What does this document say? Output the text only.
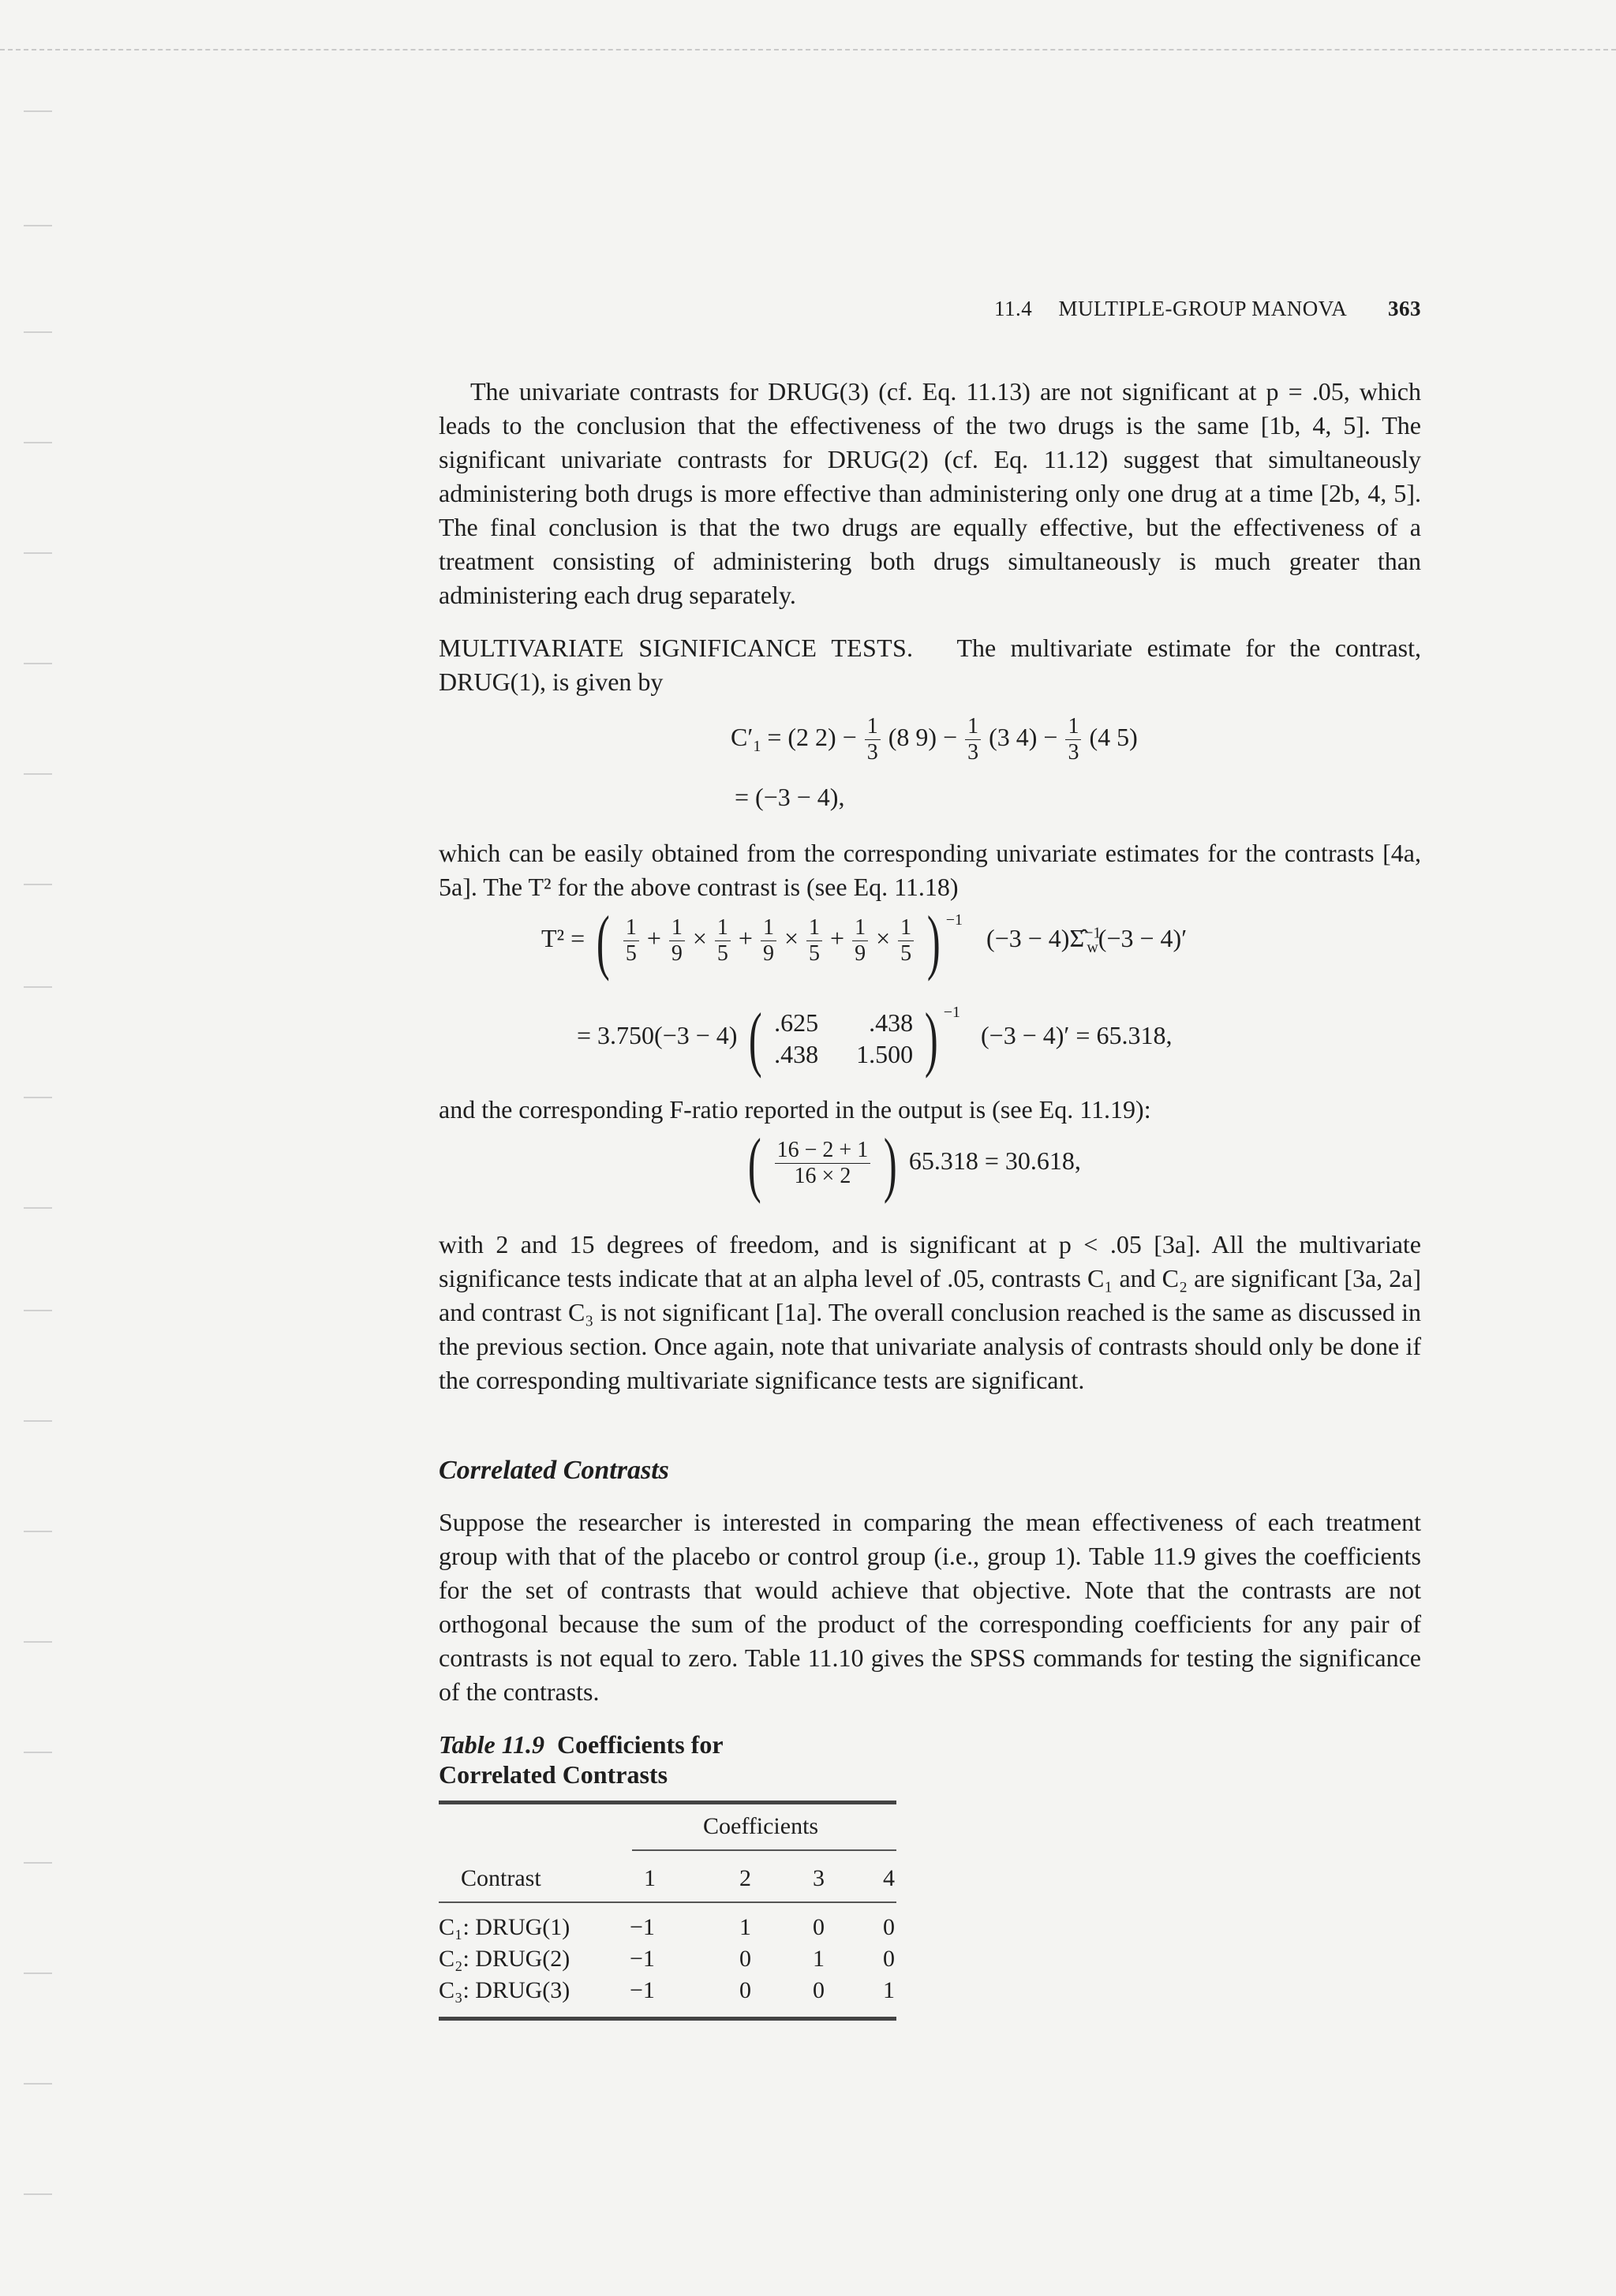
11.4 MULTIPLE-GROUP MANOVA 363

The univariate contrasts for DRUG(3) (cf. Eq. 11.13) are not significant at p = .05, which leads to the conclusion that the effectiveness of the two drugs is the same [1b, 4, 5]. The significant univariate contrasts for DRUG(2) (cf. Eq. 11.12) suggest that simultaneously administering both drugs is more effective than administering only one drug at a time [2b, 4, 5]. The final conclusion is that the two drugs are equally effective, but the effectiveness of a treatment consisting of administering both drugs simultaneously is much greater than administering each drug separately.

MULTIVARIATE SIGNIFICANCE TESTS. The multivariate estimate for the contrast, DRUG(1), is given by

$C'_1 = (2$ $2) - \frac{1}{3} (8$ $9) - \frac{1}{3} (3$ $4) - \frac{1}{3} (4$ 5)
= (−3 − 4),

which can be easily obtained from the corresponding univariate estimates for the contrasts [4a, 5a]. The T² for the above contrast is (see Eq. 11.18)

T² = ( $\frac{1}{5} + \frac{1}{9} \times \frac{1}{5} + \frac{1}{9} \times \frac{1}{5} + \frac{1}{9} \times \frac{1}{5}$ ) $^{-1}$ (−3 − 4)Σ̂$^{-1}_w$(−3 − 4)′
= 3.750(−3 − 4) ( .625	.438
.438 1.500 ) $^{-1}$ (−3 − 4)′ = 65.318,

and the corresponding F-ratio reported in the output is (see Eq. 11.19):

( $\frac{16 - 2 + 1}{16 \times 2}$ ) 65.318 = 30.618,

with 2 and 15 degrees of freedom, and is significant at p < .05 [3a]. All the multivariate significance tests indicate that at an alpha level of .05, contrasts C₁ and C₂ are significant [3a, 2a] and contrast C₃ is not significant [1a]. The overall conclusion reached is the same as discussed in the previous section. Once again, note that univariate analysis of contrasts should only be done if the corresponding multivariate significance tests are significant.

Correlated Contrasts

Suppose the researcher is interested in comparing the mean effectiveness of each treatment group with that of the placebo or control group (i.e., group 1). Table 11.9 gives the coefficients for the set of contrasts that would achieve that objective. Note that the contrasts are not orthogonal because the sum of the product of the corresponding coefficients for any pair of contrasts is not equal to zero. Table 11.10 gives the SPSS commands for testing the significance of the contrasts.

Table 11.9 Coefficients for
Correlated Contrasts
Coefficients
Contrast	1	2	3 4
C₁: DRUG(1)	−1	1	0 0
C₂: DRUG(2)	−1	0	1 0
C₃: DRUG(3)	−1	0	0 1
